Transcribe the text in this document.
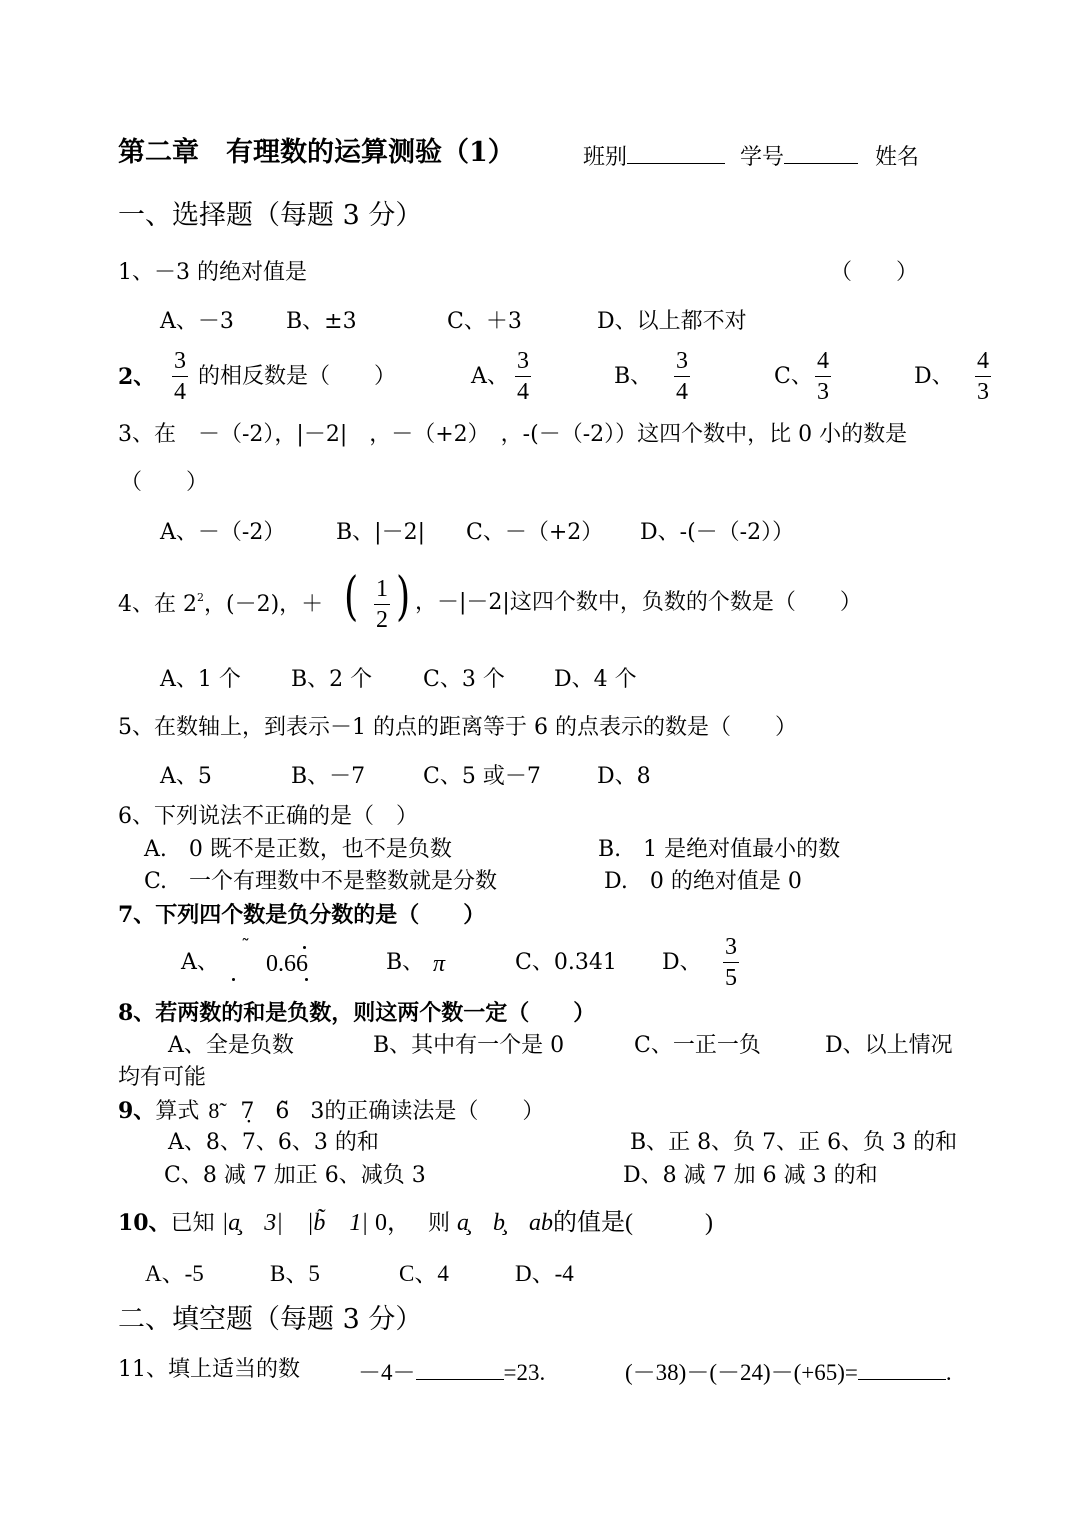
第二章　有理数的运算测验（1）	班别	学号	姓名
一、选择题（每题 3 分）
1、－3 的绝对值是	（　　）
A、－3 B、±3	C、＋3	D、以上都不对
2、
3
4
的相反数是（　　）	A、
3
4
B、
3
4
C、
4
3
D、
4
3
3、在　－（-2），|－2|　，－（+2）　，-(－（-2））这四个数中，比 0 小的数是
（　　）
A、－（-2） B、|－2| C、－（+2） D、-(－（-2））
4、在 $2^2$，(－2)，＋ ( 1
2 ) ，－|－2|这四个数中，负数的个数是（　　）
A、1 个 B、2 个 C、3 个 D、4 个
5、在数轴上，到表示－1 的点的距离等于 6 的点表示的数是（　　）
A、5	B、－7	C、5 或－7	D、8
6、下列说法不正确的是（　）
A.　0 既不是正数，也不是负数	B.　1 是绝对值最小的数
C.　一个有理数中不是整数就是分数	D.　0 的绝对值是 0
7、下列四个数是负分数的是（　　）
A、
˜
0.66	B、 π	C、0.341 D、
3
5
8、若两数的和是负数，则这两个数一定（　　）
A、全是负数	B、其中有一个是 0	C、一正一负	D、以上情况
均有可能
9、算式 8̃ 7̣ 6̃ 3的正确读法是（　　）
A、8、7、6、3 的和	B、正 8、负 7、正 6、负 3 的和
C、8 减 7 加正 6、减负 3	D、8 减 7 加 6 减 3 的和
10、已知 |a̧　3|　|b̃　1| 0， 则 a̧　b̧　ab的值是(　　　)
A、-5	B、5	C、4	D、-4
二、填空题（每题 3 分）
11、填上适当的数	－4－	=23.	(－38)－(－24)－(+65)=	.
